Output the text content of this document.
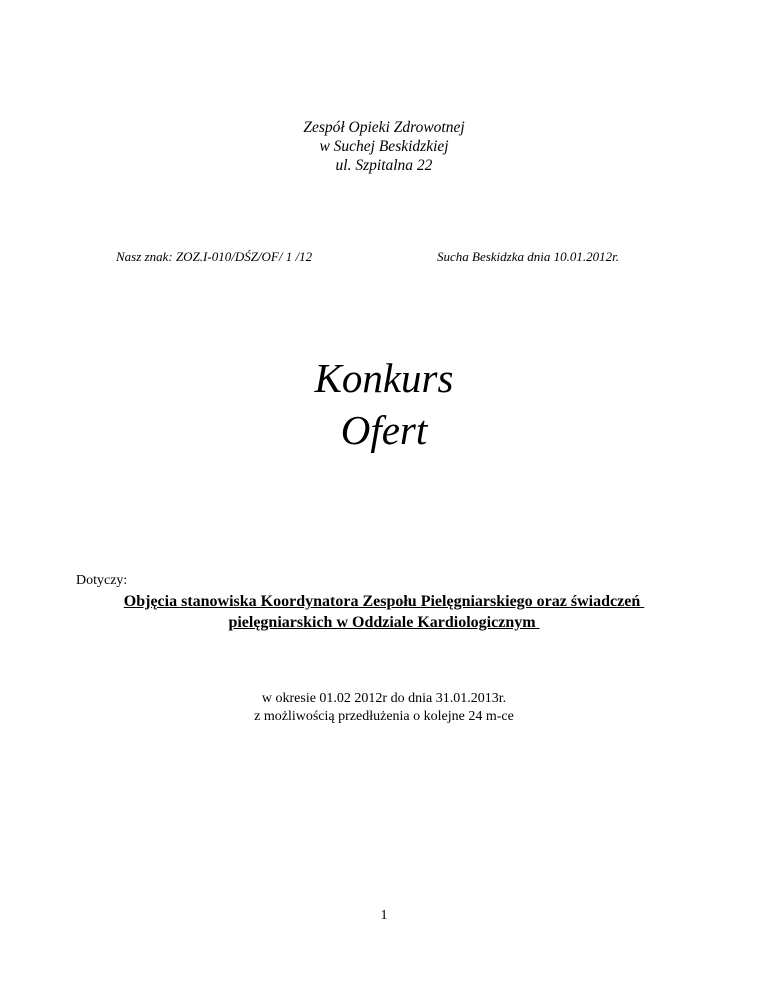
Zespół Opieki Zdrowotnej
w Suchej Beskidzkiej
ul. Szpitalna 22
Nasz znak: ZOZ.I-010/DŚZ/OF/ 1 /12	Sucha Beskidzka dnia 10.01.2012r.
Konkurs
Ofert
Dotyczy:
Objęcia stanowiska Koordynatora Zespołu Pielęgniarskiego oraz świadczeń
pielęgniarskich w Oddziale Kardiologicznym
w okresie 01.02 2012r do dnia 31.01.2013r.
z możliwością przedłużenia o kolejne 24 m-ce
1
